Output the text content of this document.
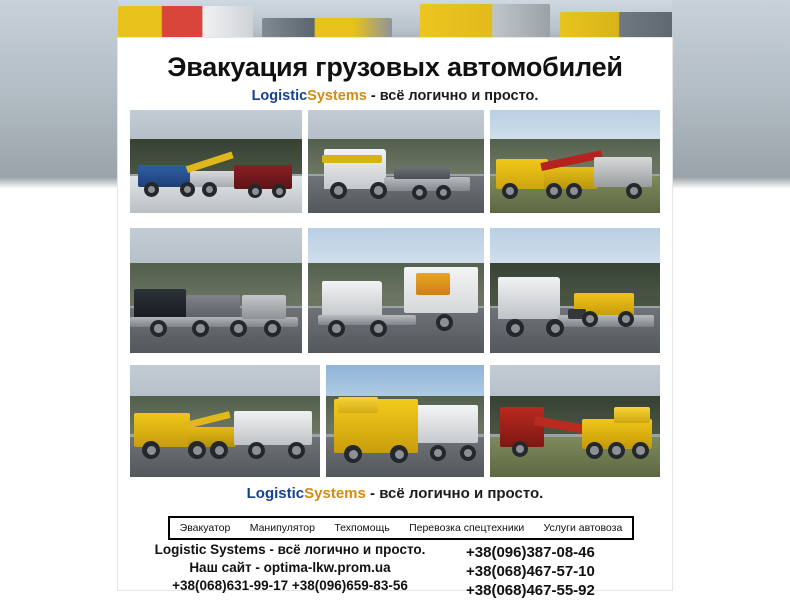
Эвакуация грузовых автомобилей
LogisticSystems - всё логично и просто.
LogisticSystems - всё логично и просто.
Эвакуатор	Манипулятор	Техпомощь	Перевозка спецтехники	Услуги автовоза
Logistic Systems - всё логично и просто.
Наш сайт - optima-lkw.prom.ua
+38(068)631-99-17 +38(096)659-83-56
+38(096)387-08-46
+38(068)467-57-10
+38(068)467-55-92
